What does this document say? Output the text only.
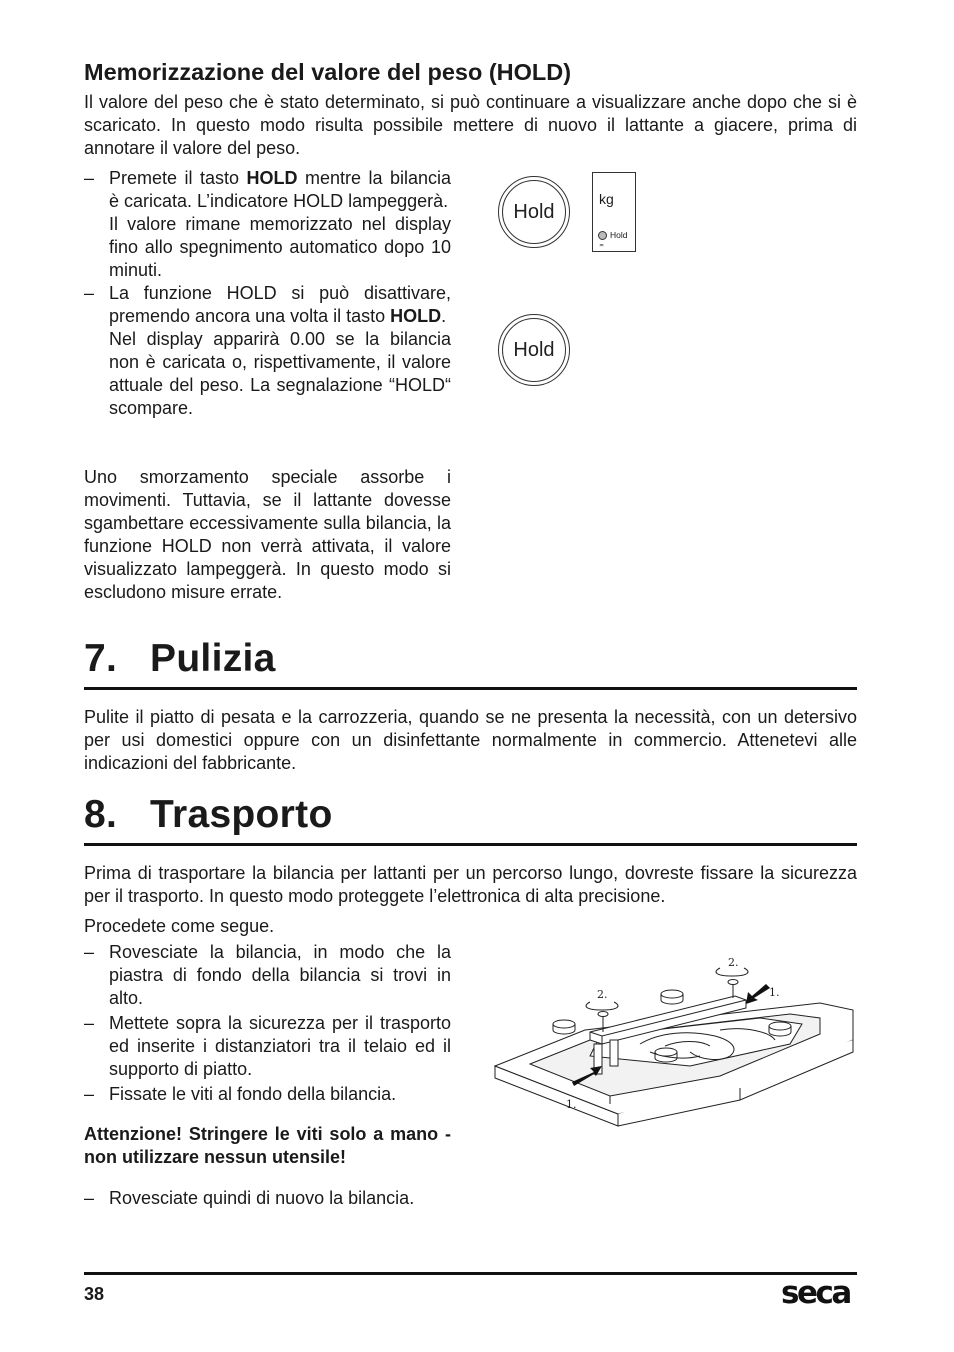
Memorizzazione del valore del peso (HOLD)

Il valore del peso che è stato determinato, si può continuare a visualizzare anche dopo che si è scaricato. In questo modo risulta possibile mettere di nuovo il lattante a giacere, prima di annotare il valore del peso.

– Premete il tasto HOLD mentre la bilancia è caricata. L’indicatore HOLD lampeggerà.
Il valore rimane memorizzato nel display fino allo spegnimento automatico dopo 10 minuti.
– La funzione HOLD si può disattivare, premendo ancora una volta il tasto HOLD.
Nel display apparirà 0.00 se la bilancia non è caricata o, rispettivamente, il valore attuale del peso. La segnalazione “HOLD“ scompare.

Uno smorzamento speciale assorbe i movimenti. Tuttavia, se il lattante dovesse sgambettare eccessivamente sulla bilancia, la funzione HOLD non verrà attivata, il valore visualizzato lampeggerà. In questo modo si escludono misure errate.

Hold
kg
Hold
≍
Hold
7. Pulizia

Pulite il piatto di pesata e la carrozzeria, quando se ne presenta la necessità, con un detersivo per usi domestici oppure con un disinfettante normalmente in commercio. Attenetevi alle indicazioni del fabbricante.

8. Trasporto

Prima di trasportare la bilancia per lattanti per un percorso lungo, dovreste fissare la sicurezza per il trasporto. In questo modo proteggete l’elettronica di alta precisione.

Procedete come segue.

– Rovesciate la bilancia, in modo che la piastra di fondo della bilancia si trovi in alto.
– Mettete sopra la sicurezza per il trasporto ed inserite i distanziatori tra il telaio ed il supporto di piatto.
– Fissate le viti al fondo della bilancia.

Attenzione! Stringere le viti solo a mano - non utilizzare nessun utensile!

– Rovesciate quindi di nuovo la bilancia.
2.
2.	1.
1.
38	seca
